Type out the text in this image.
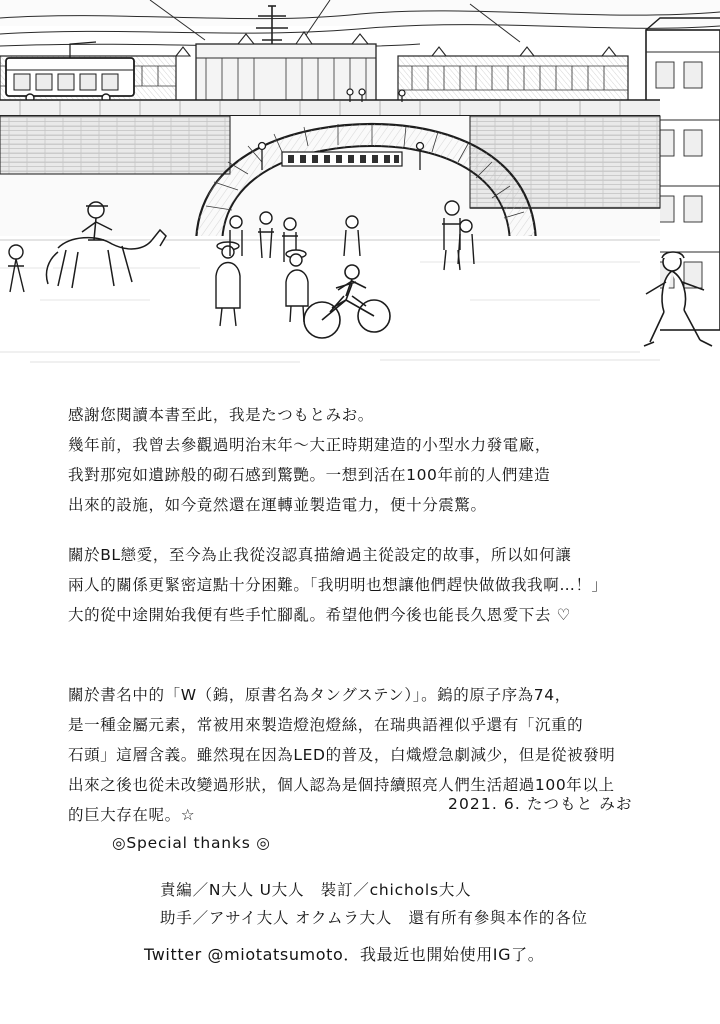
感謝您閱讀本書至此，我是たつもとみお。
幾年前，我曾去參觀過明治末年～大正時期建造的小型水力發電廠，
我對那宛如遺跡般的砌石感到驚艷。一想到活在100年前的人們建造
出來的設施，如今竟然還在運轉並製造電力，便十分震驚。
關於BL戀愛，至今為止我從沒認真描繪過主從設定的故事，所以如何讓
兩人的關係更緊密這點十分困難。「我明明也想讓他們趕快做做我我啊…！」
大的從中途開始我便有些手忙腳亂。希望他們今後也能長久恩愛下去 ♡
關於書名中的「W（鎢，原書名為タングステン）」。鎢的原子序為74，
是一種金屬元素，常被用來製造燈泡燈絲，在瑞典語裡似乎還有「沉重的
石頭」這層含義。雖然現在因為LED的普及，白熾燈急劇減少，但是從被發明
出來之後也從未改變過形狀，個人認為是個持續照亮人們生活超過100年以上
的巨大存在呢。☆
2021. 6. たつもと みお
◎Special thanks ◎
責編／N大人 U大人　裝訂／chichols大人
助手／アサイ大人 オクムラ大人　還有所有參與本作的各位
Twitter @miotatsumoto．我最近也開始使用IG了。
